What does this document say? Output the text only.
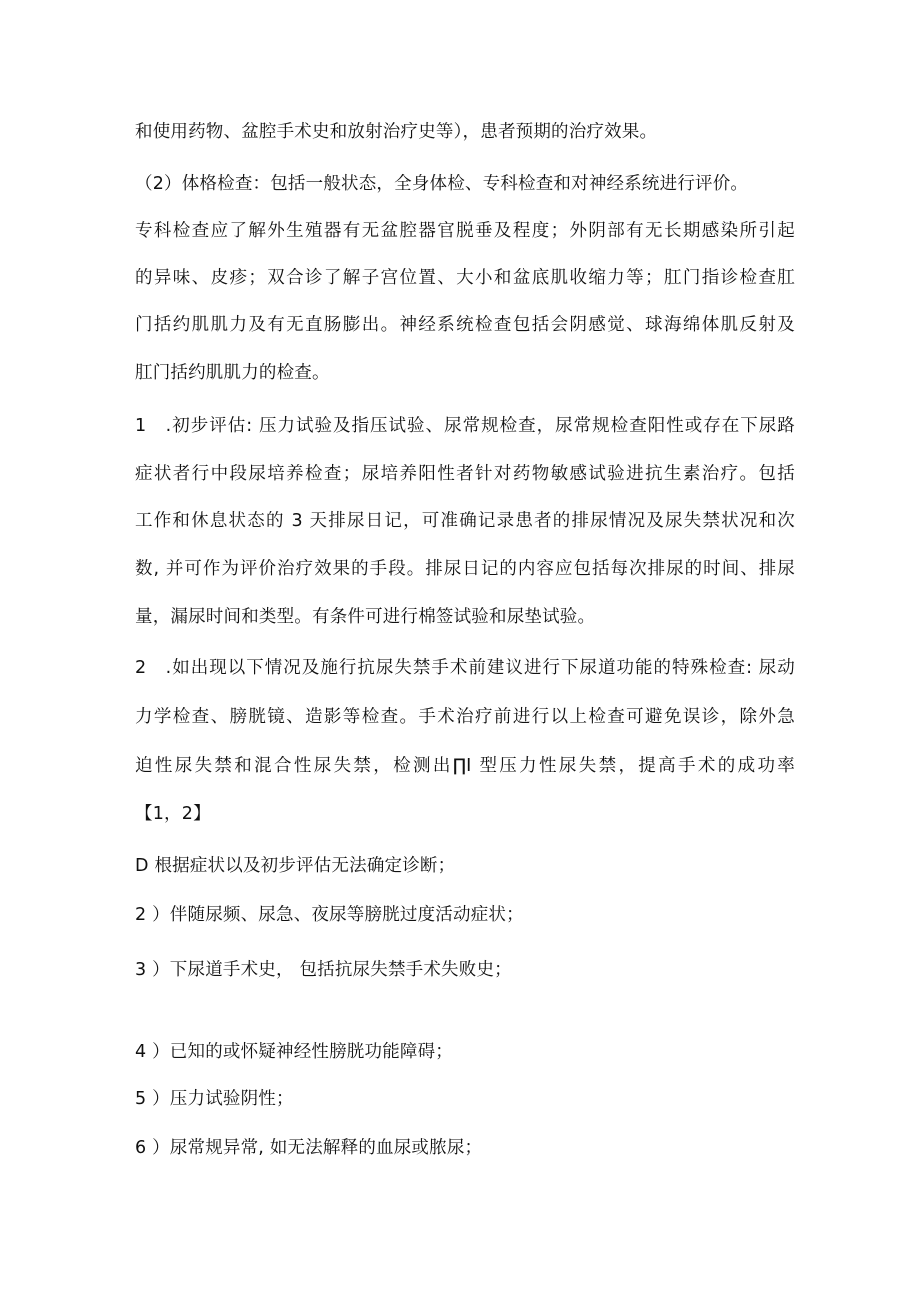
和使用药物、盆腔手术史和放射治疗史等），患者预期的治疗效果。
（2）体格检查：包括一般状态，全身体检、专科检查和对神经系统进行评价。
专科检查应了解外生殖器有无盆腔器官脱垂及程度；外阴部有无长期感染所引起
的异味、皮疹；双合诊了解子宫位置、大小和盆底肌收缩力等；肛门指诊检查肛
门括约肌肌力及有无直肠膨出。神经系统检查包括会阴感觉、球海绵体肌反射及
肛门括约肌肌力的检查。
1　.初步评估: 压力试验及指压试验、尿常规检查，尿常规检查阳性或存在下尿路
症状者行中段尿培养检查；尿培养阳性者针对药物敏感试验进抗生素治疗。包括
工作和休息状态的 3 天排尿日记，可准确记录患者的排尿情况及尿失禁状况和次
数, 并可作为评价治疗效果的手段。排尿日记的内容应包括每次排尿的时间、排尿
量，漏尿时间和类型。有条件可进行棉签试验和尿垫试验。
2　.如出现以下情况及施行抗尿失禁手术前建议进行下尿道功能的特殊检查: 尿动
力学检查、膀胱镜、造影等检查。手术治疗前进行以上检查可避免误诊，除外急
迫性尿失禁和混合性尿失禁，检测出∏I 型压力性尿失禁，提高手术的成功率
【1，2】
D 根据症状以及初步评估无法确定诊断；
2 ）伴随尿频、尿急、夜尿等膀胱过度活动症状；
3 ）下尿道手术史， 包括抗尿失禁手术失败史；
4 ）已知的或怀疑神经性膀胱功能障碍；
5 ）压力试验阴性；
6 ）尿常规异常, 如无法解释的血尿或脓尿；
